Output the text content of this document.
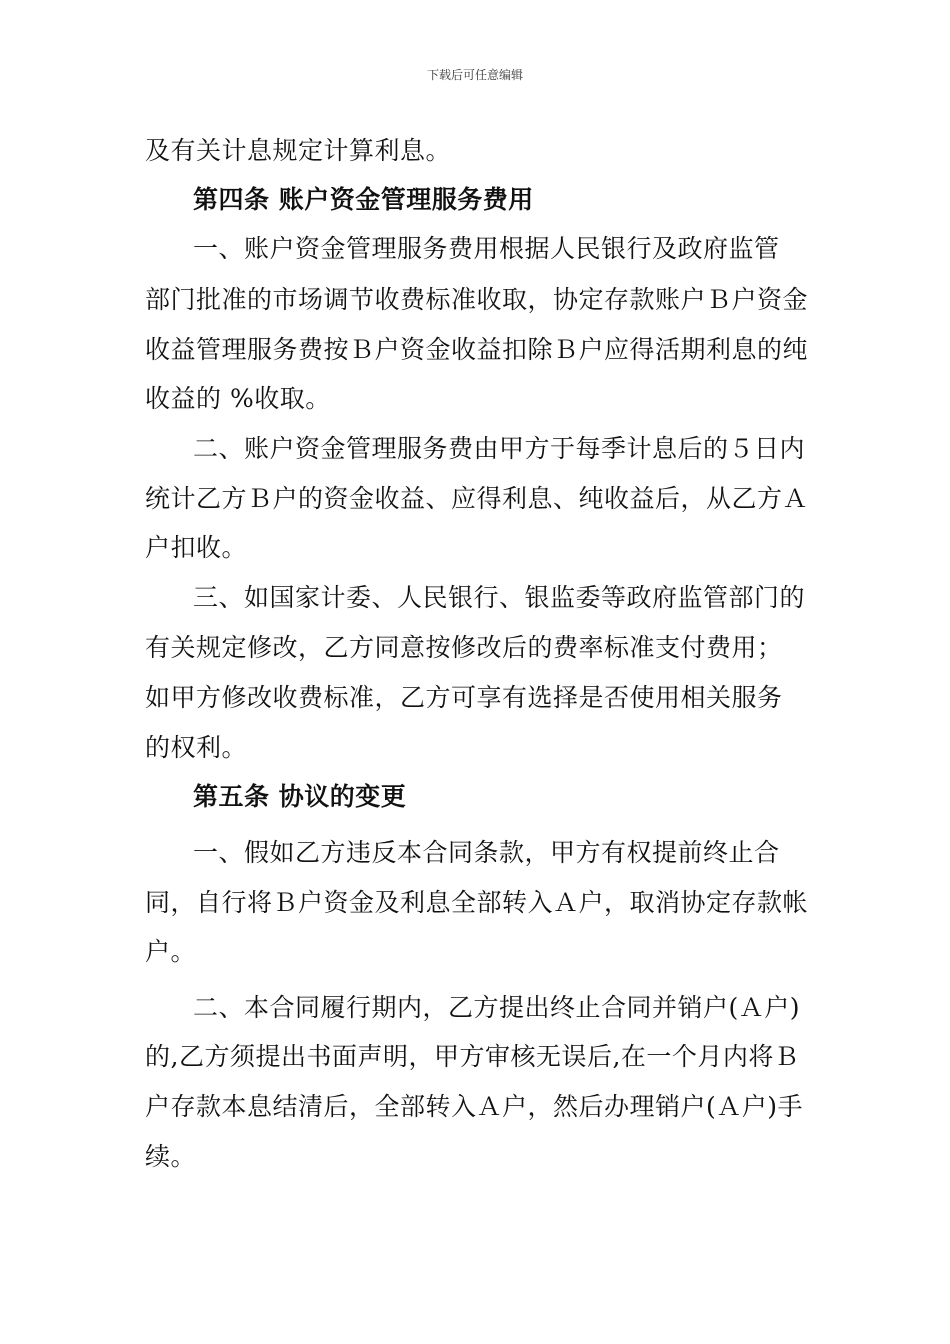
下载后可任意编辑
及有关计息规定计算利息。
第四条 账户资金管理服务费用
一、账户资金管理服务费用根据人民银行及政府监管
部门批准的市场调节收费标准收取，协定存款账户Ｂ户资金
收益管理服务费按Ｂ户资金收益扣除Ｂ户应得活期利息的纯
收益的 %收取。
二、账户资金管理服务费由甲方于每季计息后的５日内
统计乙方Ｂ户的资金收益、应得利息、纯收益后，从乙方Ａ
户扣收。
三、如国家计委、人民银行、银监委等政府监管部门的
有关规定修改，乙方同意按修改后的费率标准支付费用；
如甲方修改收费标准，乙方可享有选择是否使用相关服务
的权利。
第五条 协议的变更
一、假如乙方违反本合同条款，甲方有权提前终止合
同，自行将Ｂ户资金及利息全部转入Ａ户，取消协定存款帐
户。
二、本合同履行期内，乙方提出终止合同并销户(Ａ户)
的,乙方须提出书面声明，甲方审核无误后,在一个月内将Ｂ
户存款本息结清后，全部转入Ａ户，然后办理销户(Ａ户)手
续。
